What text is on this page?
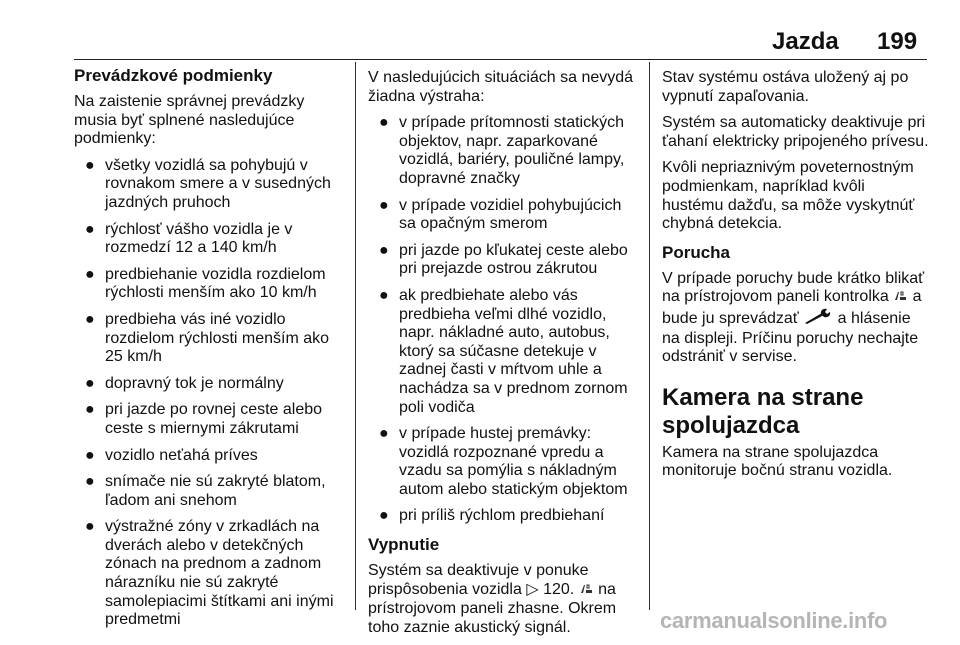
Jazda 199
Prevádzkové podmienky

Na zaistenie správnej prevádzky musia byť splnené nasledujúce podmienky:

● všetky vozidlá sa pohybujú v rovnakom smere a v susedných jazdných pruhoch
● rýchlosť vášho vozidla je v rozmedzí 12 a 140 km/h
● predbiehanie vozidla rozdielom rýchlosti menším ako 10 km/h
● predbieha vás iné vozidlo rozdielom rýchlosti menším ako 25 km/h
● dopravný tok je normálny
● pri jazde po rovnej ceste alebo ceste s miernymi zákrutami
● vozidlo neťahá príves
● snímače nie sú zakryté blatom, ľadom ani snehom
● výstražné zóny v zrkadlách na dverách alebo v detekčných zónach na prednom a zadnom nárazníku nie sú zakryté samolepiacimi štítkami ani inými predmetmi

V nasledujúcich situáciách sa nevydá žiadna výstraha:

● v prípade prítomnosti statických objektov, napr. zaparkované vozidlá, bariéry, pouličné lampy, dopravné značky
● v prípade vozidiel pohybujúcich sa opačným smerom
● pri jazde po kľukatej ceste alebo pri prejazde ostrou zákrutou
● ak predbiehate alebo vás predbieha veľmi dlhé vozidlo, napr. nákladné auto, autobus, ktorý sa súčasne detekuje v zadnej časti v mŕtvom uhle a nachádza sa v prednom zornom poli vodiča
● v prípade hustej premávky: vozidlá rozpoznané vpredu a vzadu sa pomýlia s nákladným autom alebo statickým objektom
● pri príliš rýchlom predbiehaní
Vypnutie

Systém sa deaktivuje v ponuke prispôsobenia vozidla ▷ 120.  na prístrojovom paneli zhasne. Okrem toho zaznie akustický signál.

Stav systému ostáva uložený aj po vypnutí zapaľovania.

Systém sa automaticky deaktivuje pri ťahaní elektricky pripojeného prívesu.

Kvôli nepriaznivým poveternostným podmienkam, napríklad kvôli hustému dažďu, sa môže vyskytnúť chybná detekcia.

Porucha

V prípade poruchy bude krátko blikať na prístrojovom paneli kontrolka  a bude ju sprevádzať  a hlásenie na displeji. Príčinu poruchy nechajte odstrániť v servise.

Kamera na strane spolujazdca

Kamera na strane spolujazdca monitoruje bočnú stranu vozidla.

carmanualsonline.info
